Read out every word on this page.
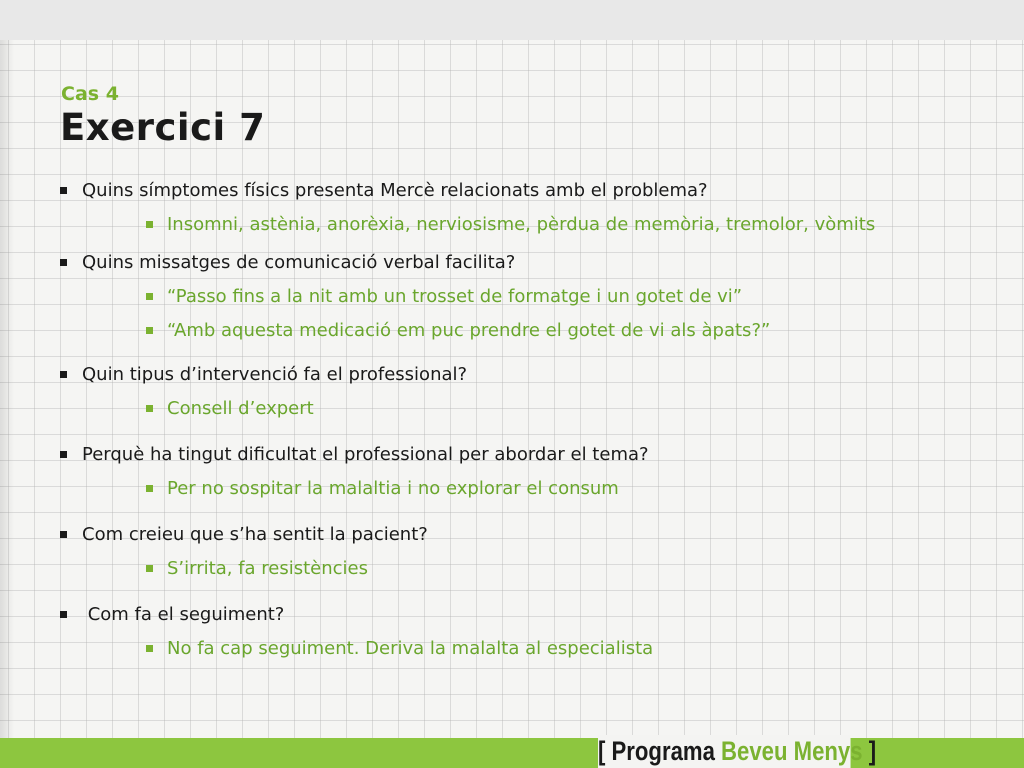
Cas 4
Exercici 7
Quins símptomes físics presenta Mercè relacionats amb el problema?
Insomni, astènia, anorèxia, nerviosisme, pèrdua de memòria, tremolor, vòmits
Quins missatges de comunicació verbal facilita?
“Passo fins a la nit amb un trosset de formatge i un gotet de vi”
“Amb aquesta medicació em puc prendre el gotet de vi als àpats?”
Quin tipus d’intervenció fa el professional?
Consell d’expert
Perquè ha tingut dificultat el professional per abordar el tema?
Per no sospitar la malaltia i no explorar el consum
Com creieu que s’ha sentit la pacient?
S’irrita, fa resistències
Com fa el seguiment?
No fa cap seguiment. Deriva la malalta al especialista
[ Programa Beveu Menys ]
